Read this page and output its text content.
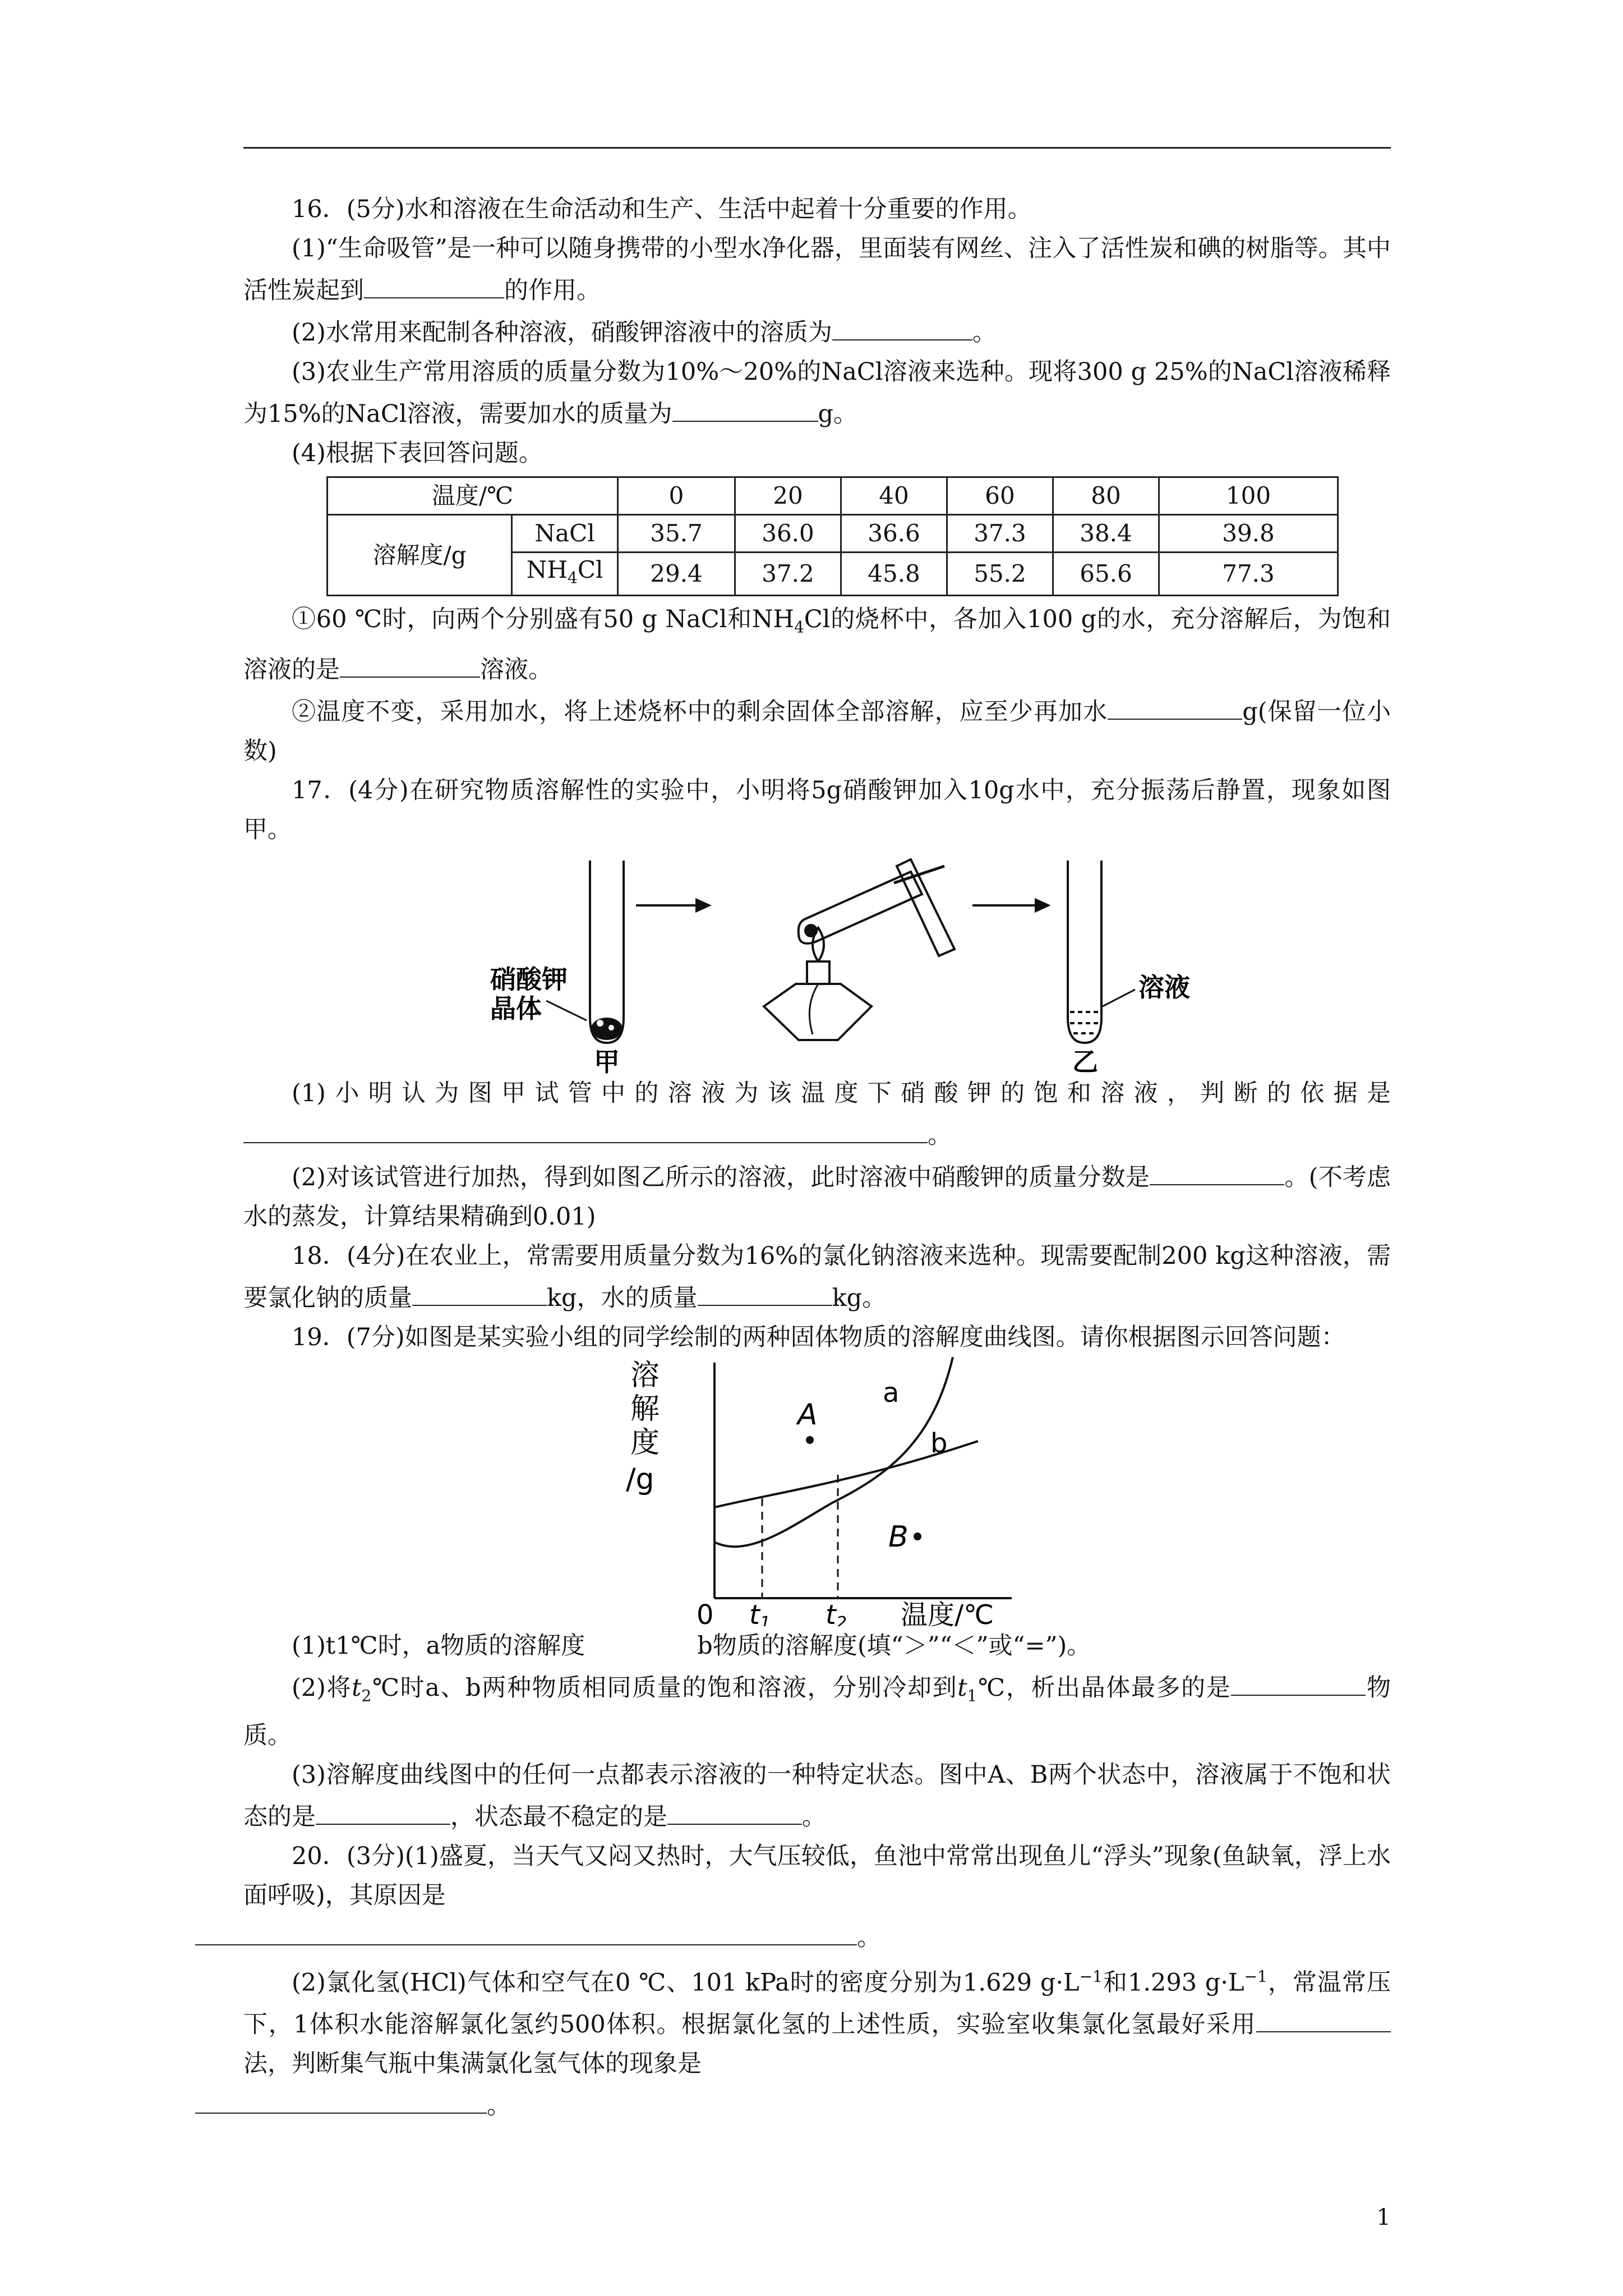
16．(5分)水和溶液在生命活动和生产、生活中起着十分重要的作用。

(1)“生命吸管”是一种可以随身携带的小型水净化器，里面装有网丝、注入了活性炭和碘的树脂等。其中活性炭起到	的作用。

(2)水常用来配制各种溶液，硝酸钾溶液中的溶质为	。

(3)农业生产常用溶质的质量分数为10%～20%的NaCl溶液来选种。现将300 g 25%的NaCl溶液稀释为15%的NaCl溶液，需要加水的质量为	g。

(4)根据下表回答问题。

温度/℃		0	20	40	60	80	100
溶解度/g	NaCl	35.7	36.0	36.6	37.3	38.4	39.8
	$NH_4Cl$	29.4	37.2	45.8	55.2	65.6	77.3

①60 ℃时，向两个分别盛有50 g NaCl和$NH_4Cl$的烧杯中，各加入100 g的水，充分溶解后，为饱和溶液的是	溶液。

②温度不变，采用加水，将上述烧杯中的剩余固体全部溶解，应至少再加水	g(保留一位小数)

17．(4分)在研究物质溶解性的实验中，小明将5g硝酸钾加入10g水中，充分振荡后静置，现象如图甲。

硝酸钾
晶体
溶液
甲	乙

(1)小明认为图甲试管中的溶液为该温度下硝酸钾的饱和溶液，判断的依据是。

(2)对该试管进行加热，得到如图乙所示的溶液，此时溶液中硝酸钾的质量分数是	。(不考虑水的蒸发，计算结果精确到0.01)

18．(4分)在农业上，常需要用质量分数为16%的氯化钠溶液来选种。现需要配制200 kg这种溶液，需要氯化钠的质量	kg，水的质量	kg。

19．(7分)如图是某实验小组的同学绘制的两种固体物质的溶解度曲线图。请你根据图示回答问题：

溶
解
度
/g
a
b
A
B
0 t1 t2 温度/℃

(1)t1℃时，a物质的溶解度	b物质的溶解度(填“＞”“＜”或“=”)。

(2)将$t_2℃$时a、b两种物质相同质量的饱和溶液，分别冷却到$t_1℃$，析出晶体最多的是	物质。

(3)溶解度曲线图中的任何一点都表示溶液的一种特定状态。图中A、B两个状态中，溶液属于不饱和状态的是	，状态最不稳定的是	。

20．(3分)(1)盛夏，当天气又闷又热时，大气压较低，鱼池中常常出现鱼儿“浮头”现象(鱼缺氧，浮上水面呼吸)，其原因是
。

(2)氯化氢(HCl)气体和空气在0 ℃、101 kPa时的密度分别为1.629 $g\cdot L^{-1}$和1.293 $g\cdot L^{-1}$，常温常压下，1体积水能溶解氯化氢约500体积。根据氯化氢的上述性质，实验室收集氯化氢最好采用法，判断集气瓶中集满氯化氢气体的现象是
。

1
